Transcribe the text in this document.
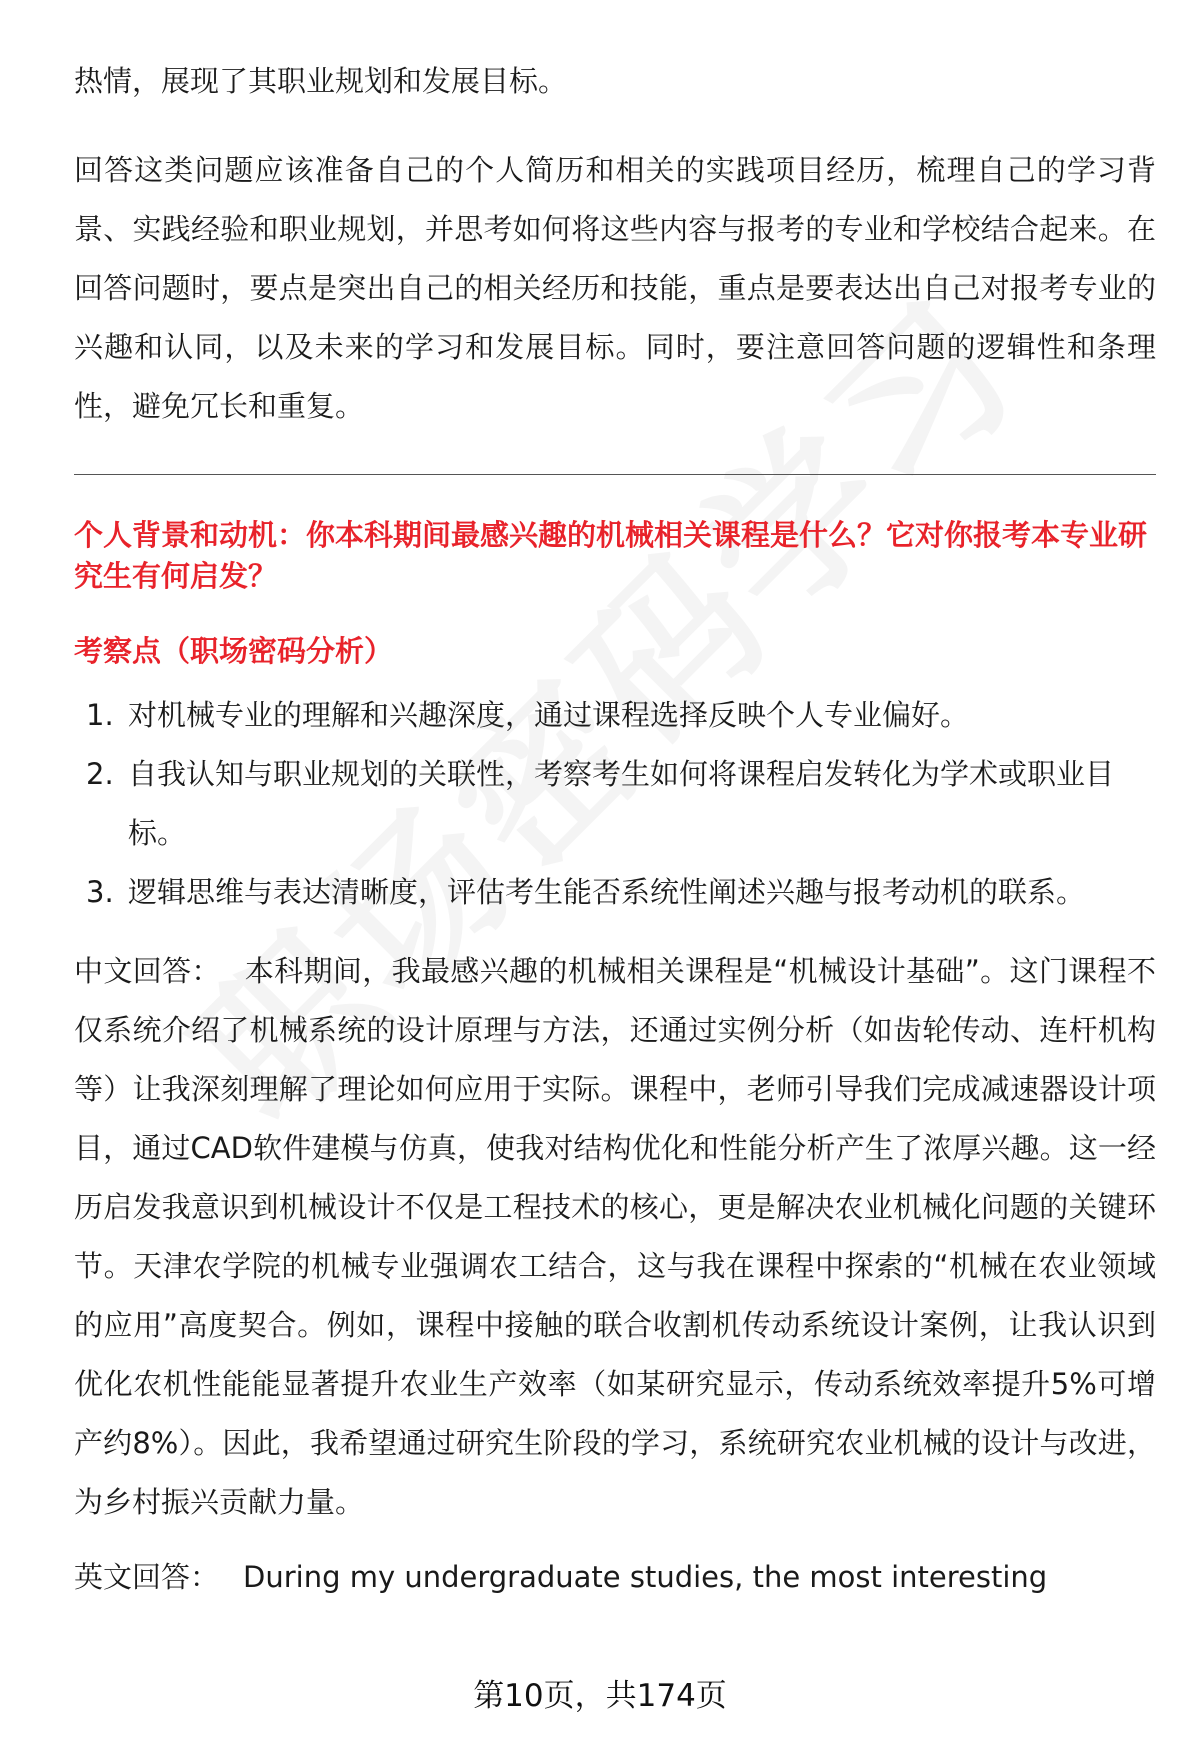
热情，展现了其职业规划和发展目标。

回答这类问题应该准备自己的个人简历和相关的实践项目经历，梳理自己的学习背景、实践经验和职业规划，并思考如何将这些内容与报考的专业和学校结合起来。在回答问题时，要点是突出自己的相关经历和技能，重点是要表达出自己对报考专业的兴趣和认同，以及未来的学习和发展目标。同时，要注意回答问题的逻辑性和条理性，避免冗长和重复。

个人背景和动机：你本科期间最感兴趣的机械相关课程是什么？它对你报考本专业研究生有何启发？

考察点（职场密码分析）

1. 对机械专业的理解和兴趣深度，通过课程选择反映个人专业偏好。
2. 自我认知与职业规划的关联性，考察考生如何将课程启发转化为学术或职业目标。
3. 逻辑思维与表达清晰度，评估考生能否系统性阐述兴趣与报考动机的联系。

中文回答： 本科期间，我最感兴趣的机械相关课程是“机械设计基础”。这门课程不仅系统介绍了机械系统的设计原理与方法，还通过实例分析（如齿轮传动、连杆机构等）让我深刻理解了理论如何应用于实际。课程中，老师引导我们完成减速器设计项目，通过CAD软件建模与仿真，使我对结构优化和性能分析产生了浓厚兴趣。这一经历启发我意识到机械设计不仅是工程技术的核心，更是解决农业机械化问题的关键环节。天津农学院的机械专业强调农工结合，这与我在课程中探索的“机械在农业领域的应用”高度契合。例如，课程中接触的联合收割机传动系统设计案例，让我认识到优化农机性能能显著提升农业生产效率（如某研究显示，传动系统效率提升5%可增产约8%）。因此，我希望通过研究生阶段的学习，系统研究农业机械的设计与改进，为乡村振兴贡献力量。

英文回答： During my undergraduate studies, the most interesting

第10页，共174页
